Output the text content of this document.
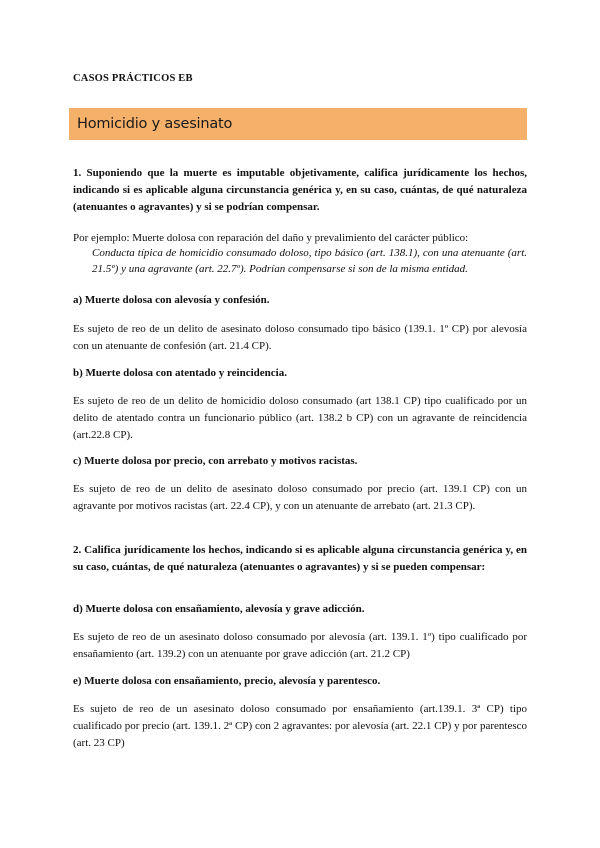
CASOS PRÁCTICOS EB
Homicidio y asesinato
1. Suponiendo que la muerte es imputable objetivamente, califica jurídicamente los hechos, indicando si es aplicable alguna circunstancia genérica y, en su caso, cuántas, de qué naturaleza (atenuantes o agravantes) y si se podrían compensar.
Por ejemplo: Muerte dolosa con reparación del daño y prevalimiento del carácter público:
Conducta típica de homicidio consumado doloso, tipo básico (art. 138.1), con una atenuante (art. 21.5º) y una agravante (art. 22.7º). Podrían compensarse si son de la misma entidad.
a) Muerte dolosa con alevosía y confesión.
Es sujeto de reo de un delito de asesinato doloso consumado tipo básico (139.1. 1º CP) por alevosía con un atenuante de confesión (art. 21.4 CP).
b) Muerte dolosa con atentado y reincidencia.
Es sujeto de reo de un delito de homicidio doloso consumado (art 138.1 CP) tipo cualificado por un delito de atentado contra un funcionario público (art. 138.2 b CP) con un agravante de reincidencia (art.22.8 CP).
c) Muerte dolosa por precio, con arrebato y motivos racistas.
Es sujeto de reo de un delito de asesinato doloso consumado por precio (art. 139.1 CP) con un agravante por motivos racistas (art. 22.4 CP), y con un atenuante de arrebato (art. 21.3 CP).
2. Califica jurídicamente los hechos, indicando si es aplicable alguna circunstancia genérica y, en su caso, cuántas, de qué naturaleza (atenuantes o agravantes) y si se pueden compensar:
d) Muerte dolosa con ensañamiento, alevosía y grave adicción.
Es sujeto de reo de un asesinato doloso consumado por alevosía (art. 139.1. 1º) tipo cualificado por ensañamiento (art. 139.2) con un atenuante por grave adicción (art. 21.2 CP)
e) Muerte dolosa con ensañamiento, precio, alevosía y parentesco.
Es sujeto de reo de un asesinato doloso consumado por ensañamiento (art.139.1. 3ª CP) tipo cualificado por precio (art. 139.1. 2ª CP) con 2 agravantes: por alevosía (art. 22.1 CP) y por parentesco (art. 23 CP)
